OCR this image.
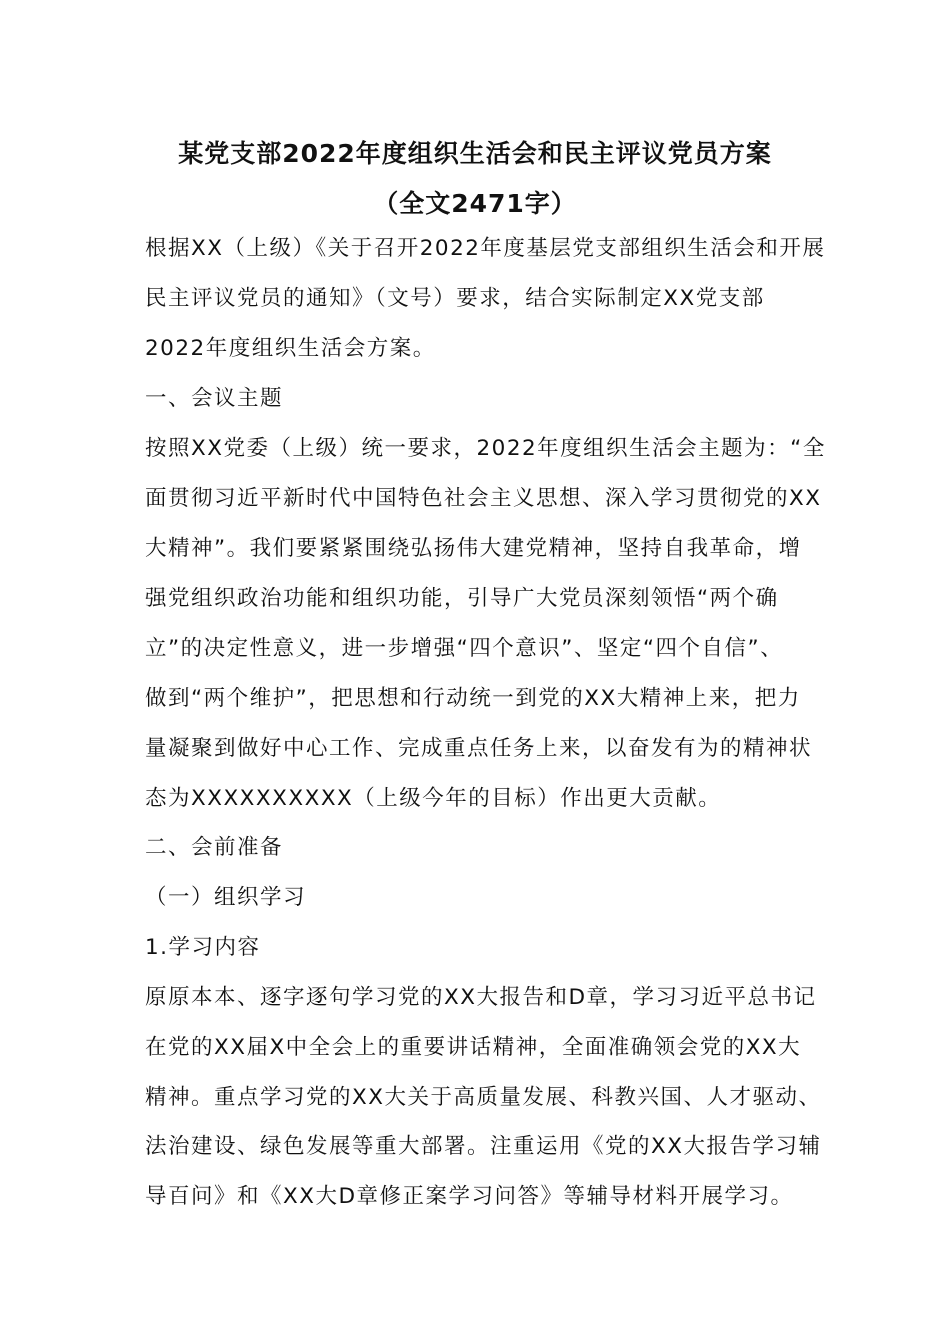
某党支部2022年度组织生活会和民主评议党员方案
（全文2471字）
根据XX（上级）《关于召开2022年度基层党支部组织生活会和开展
民主评议党员的通知》（文号）要求，结合实际制定XX党支部
2022年度组织生活会方案。
一、会议主题
按照XX党委（上级）统一要求，2022年度组织生活会主题为：“全
面贯彻习近平新时代中国特色社会主义思想、深入学习贯彻党的XX
大精神”。我们要紧紧围绕弘扬伟大建党精神，坚持自我革命，增
强党组织政治功能和组织功能，引导广大党员深刻领悟“两个确
立”的决定性意义，进一步增强“四个意识”、坚定“四个自信”、
做到“两个维护”，把思想和行动统一到党的XX大精神上来，把力
量凝聚到做好中心工作、完成重点任务上来，以奋发有为的精神状
态为XXXXXXXXXX（上级今年的目标）作出更大贡献。
二、会前准备
（一）组织学习
1.学习内容
原原本本、逐字逐句学习党的XX大报告和D章，学习习近平总书记
在党的XX届X中全会上的重要讲话精神，全面准确领会党的XX大
精神。重点学习党的XX大关于高质量发展、科教兴国、人才驱动、
法治建设、绿色发展等重大部署。注重运用《党的XX大报告学习辅
导百问》和《XX大D章修正案学习问答》等辅导材料开展学习。
